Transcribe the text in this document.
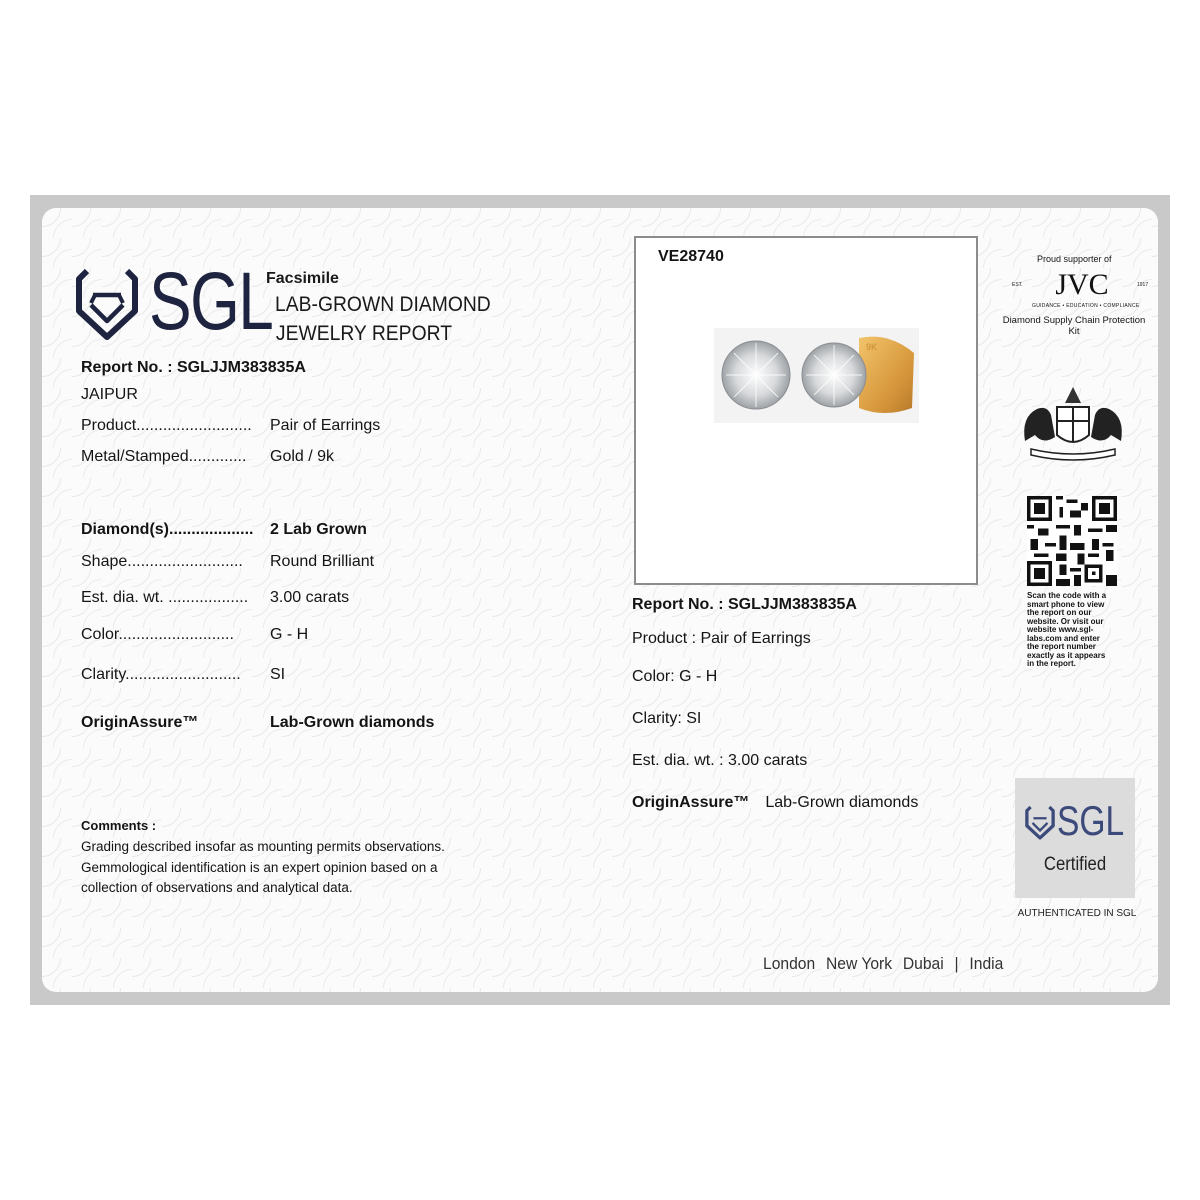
SGL
Facsimile
LAB-GROWN DIAMOND
JEWELRY REPORT
Report No. : SGLJJM383835A
JAIPUR
Product.......................... Pair of Earrings
Metal/Stamped............. Gold / 9k
Diamond(s)................... 2 Lab Grown
Shape.......................... Round Brilliant
Est. dia. wt. .................. 3.00 carats
Color.......................... G - H
Clarity.......................... SI
OriginAssure™	Lab-Grown diamonds
Comments :
Grading described insofar as mounting permits observations. Gemmological identification is an expert opinion based on a collection of observations and analytical data.
VE28740
9K
Report No. : SGLJJM383835A
Product : Pair of Earrings
Color: G - H
Clarity: SI
Est. dia. wt. : 3.00 carats
OriginAssure™ Lab-Grown diamonds
Proud supporter of
EST.	JVC	1917
GUIDANCE • EDUCATION • COMPLIANCE
Diamond Supply Chain Protection Kit
Scan the code with a smart phone to view the report on our website. Or visit our website www.sgl-labs.com and enter the report number exactly as it appears in the report.
SGL
Certified
AUTHENTICATED IN SGL
London New York Dubai | India
